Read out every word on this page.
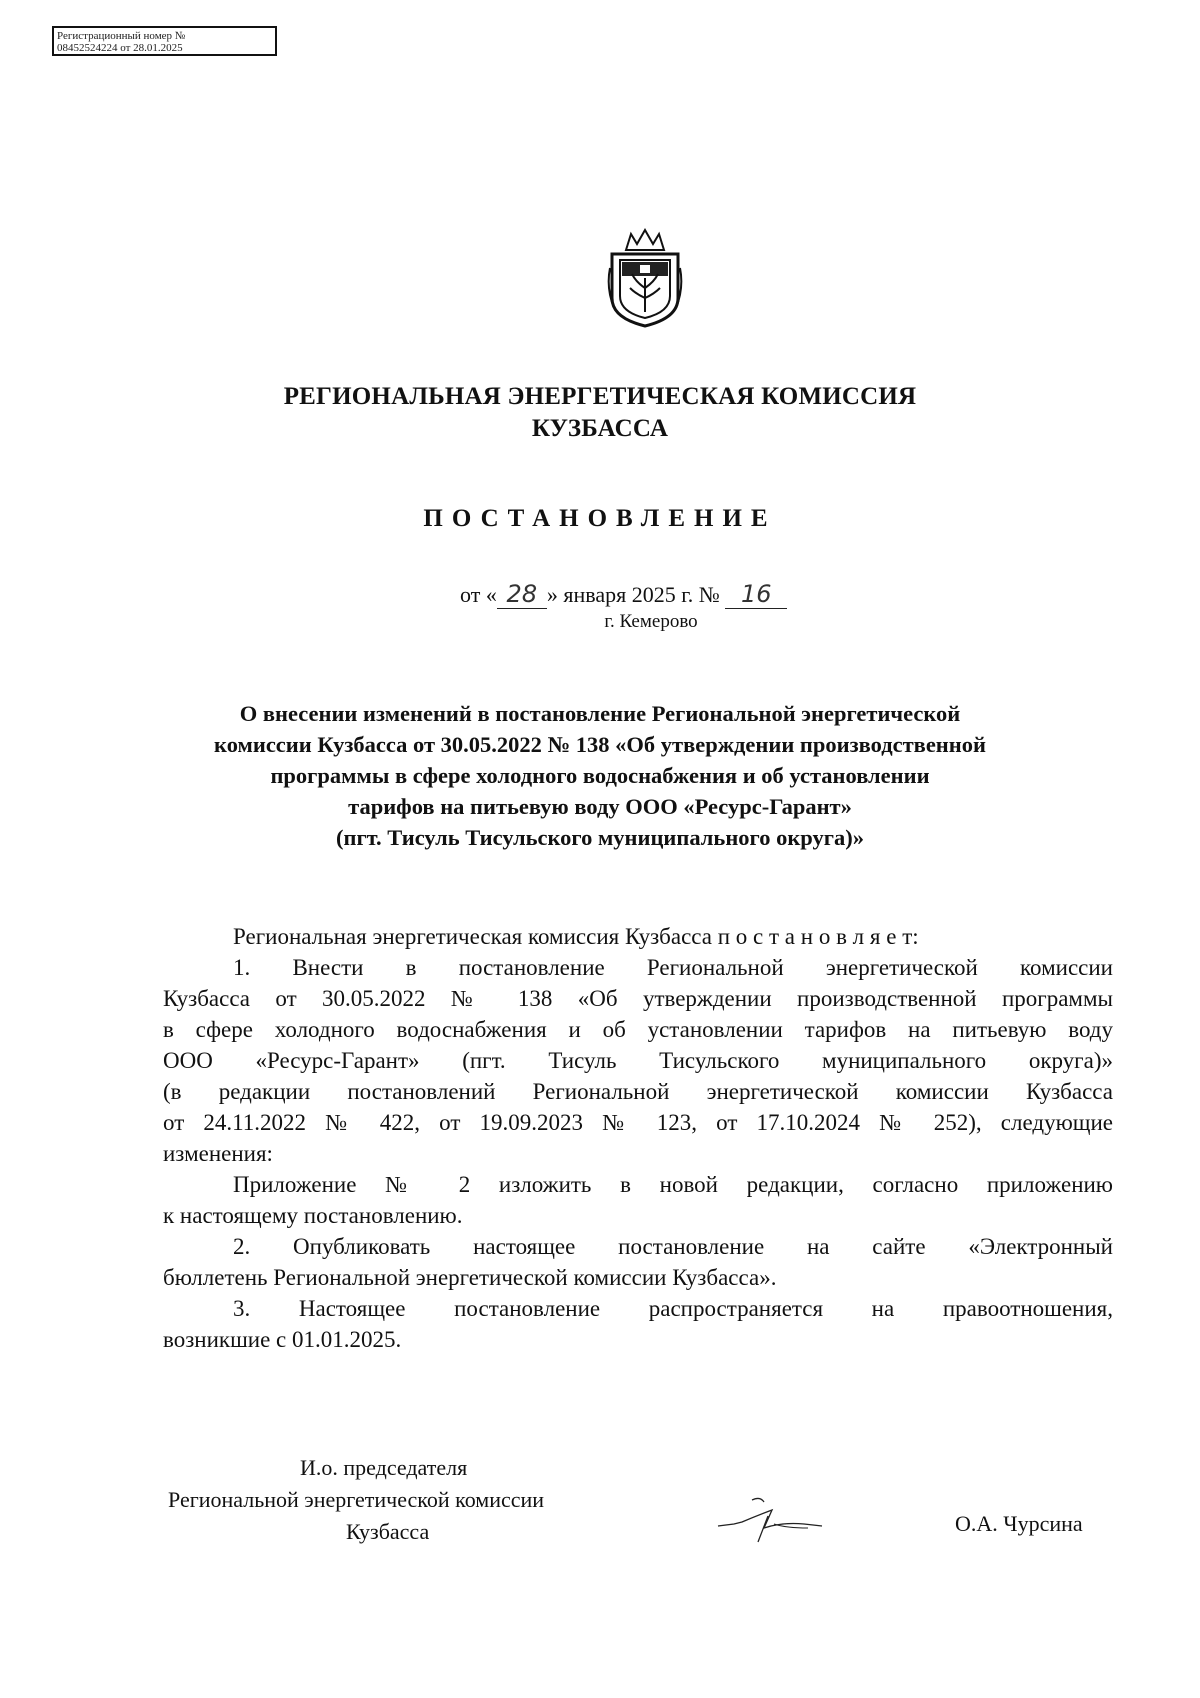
Регистрационный номер №
08452524224 от 28.01.2025
РЕГИОНАЛЬНАЯ ЭНЕРГЕТИЧЕСКАЯ КОМИССИЯ
КУЗБАССА
ПОСТАНОВЛЕНИЕ
от « 28 » января 2025 г. № 16
г. Кемерово
О внесении изменений в постановление Региональной энергетической
комиссии Кузбасса от 30.05.2022 № 138 «Об утверждении производственной
программы в сфере холодного водоснабжения и об установлении
тарифов на питьевую воду ООО «Ресурс-Гарант»
(пгт. Тисуль Тисульского муниципального округа)»
Региональная энергетическая комиссия Кузбасса п о с т а н о в л я е т:
1. Внести в постановление Региональной энергетической комиссии
Кузбасса от 30.05.2022 № 138 «Об утверждении производственной программы
в сфере холодного водоснабжения и об установлении тарифов на питьевую воду
ООО «Ресурс-Гарант» (пгт. Тисуль Тисульского муниципального округа)»
(в редакции постановлений Региональной энергетической комиссии Кузбасса
от 24.11.2022 № 422, от 19.09.2023 № 123, от 17.10.2024 № 252), следующие
изменения:
Приложение № 2 изложить в новой редакции, согласно приложению
к настоящему постановлению.
2. Опубликовать настоящее постановление на сайте «Электронный
бюллетень Региональной энергетической комиссии Кузбасса».
3. Настоящее постановление распространяется на правоотношения,
возникшие с 01.01.2025.
И.о. председателя
Региональной энергетической комиссии
Кузбасса	О.А. Чурсина
